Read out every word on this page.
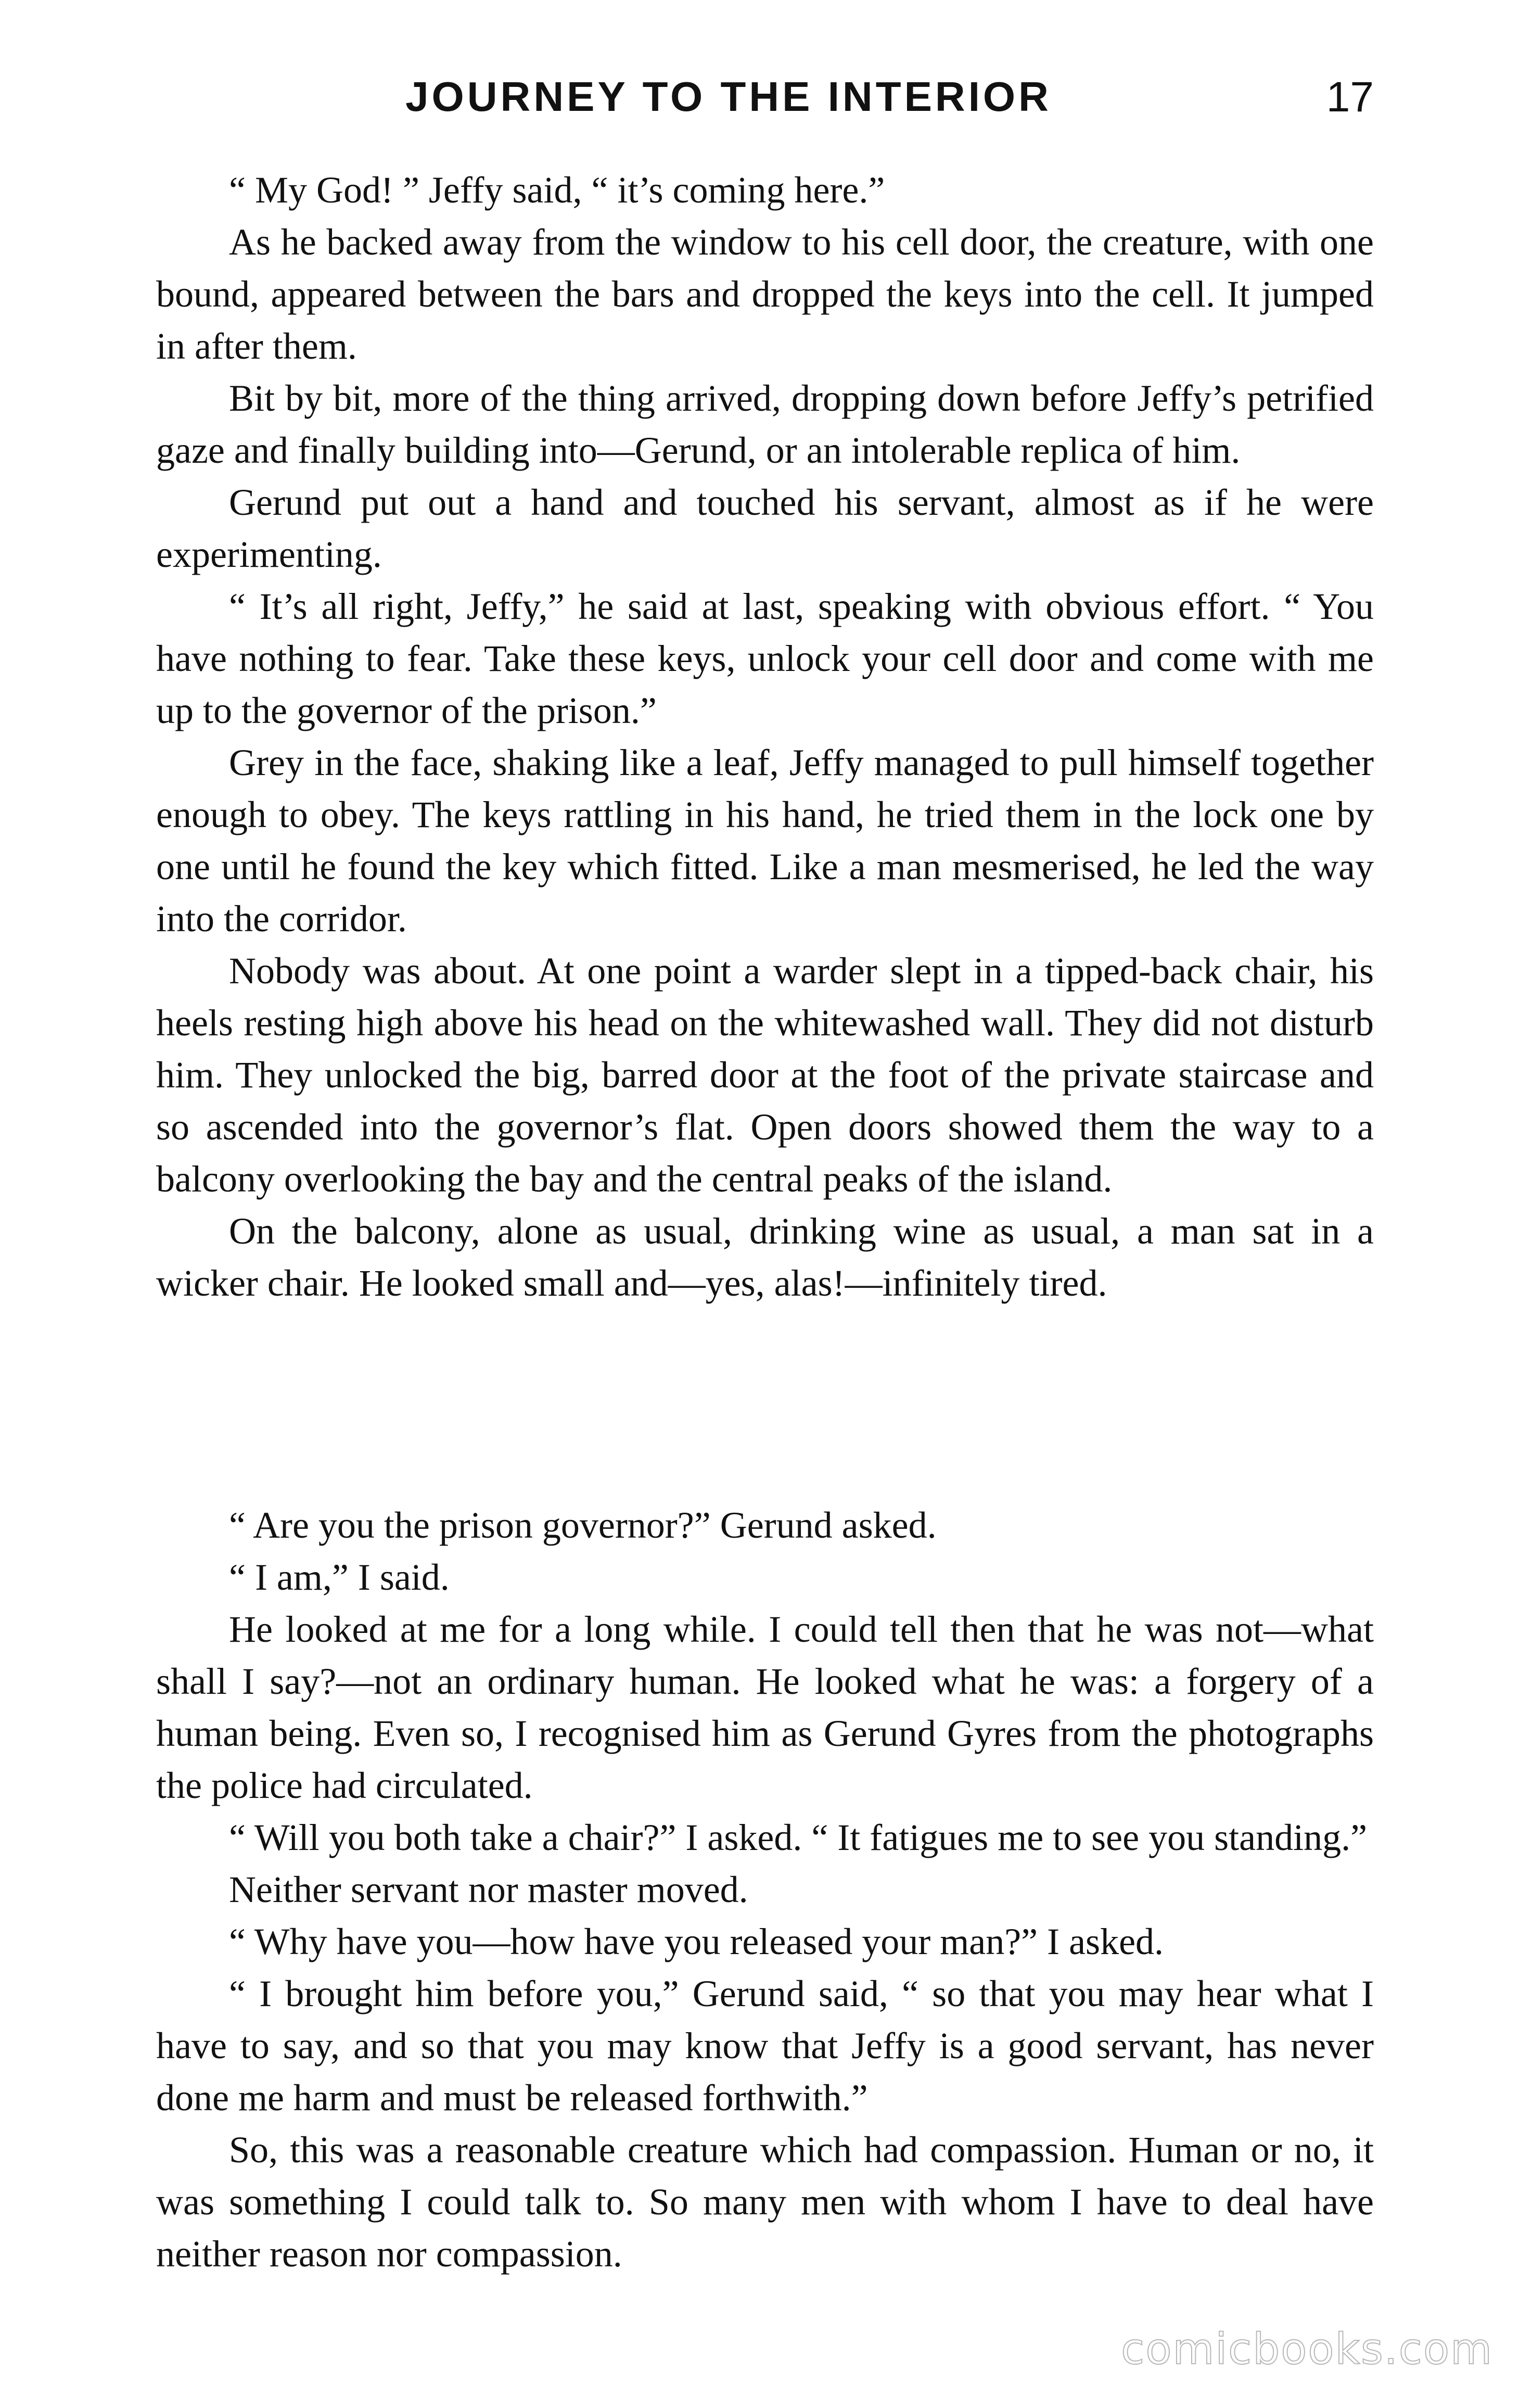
JOURNEY TO THE INTERIOR	17

“ My God! ” Jeffy said, “ it’s coming here.”

As he backed away from the window to his cell door, the creature, with one bound, appeared between the bars and dropped the keys into the cell. It jumped in after them.

Bit by bit, more of the thing arrived, dropping down before Jeffy’s petrified gaze and finally building into—Gerund, or an intolerable replica of him.

Gerund put out a hand and touched his servant, almost as if he were experimenting.

“ It’s all right, Jeffy,” he said at last, speaking with obvious effort. “ You have nothing to fear. Take these keys, unlock your cell door and come with me up to the governor of the prison.”

Grey in the face, shaking like a leaf, Jeffy managed to pull himself together enough to obey. The keys rattling in his hand, he tried them in the lock one by one until he found the key which fitted. Like a man mesmerised, he led the way into the corridor.

Nobody was about. At one point a warder slept in a tipped-back chair, his heels resting high above his head on the whitewashed wall. They did not disturb him. They unlocked the big, barred door at the foot of the private staircase and so ascended into the governor’s flat. Open doors showed them the way to a balcony overlooking the bay and the central peaks of the island.

On the balcony, alone as usual, drinking wine as usual, a man sat in a wicker chair. He looked small and—yes, alas!—infinitely tired.

“ Are you the prison governor?” Gerund asked.

“ I am,” I said.

He looked at me for a long while. I could tell then that he was not—what shall I say?—not an ordinary human. He looked what he was: a forgery of a human being. Even so, I recognised him as Gerund Gyres from the photographs the police had circulated.

“ Will you both take a chair?” I asked. “ It fatigues me to see you standing.”

Neither servant nor master moved.

“ Why have you—how have you released your man?” I asked.

“ I brought him before you,” Gerund said, “ so that you may hear what I have to say, and so that you may know that Jeffy is a good servant, has never done me harm and must be released forthwith.”

So, this was a reasonable creature which had compassion. Human or no, it was something I could talk to. So many men with whom I have to deal have neither reason nor compassion.

comicbooks.com
